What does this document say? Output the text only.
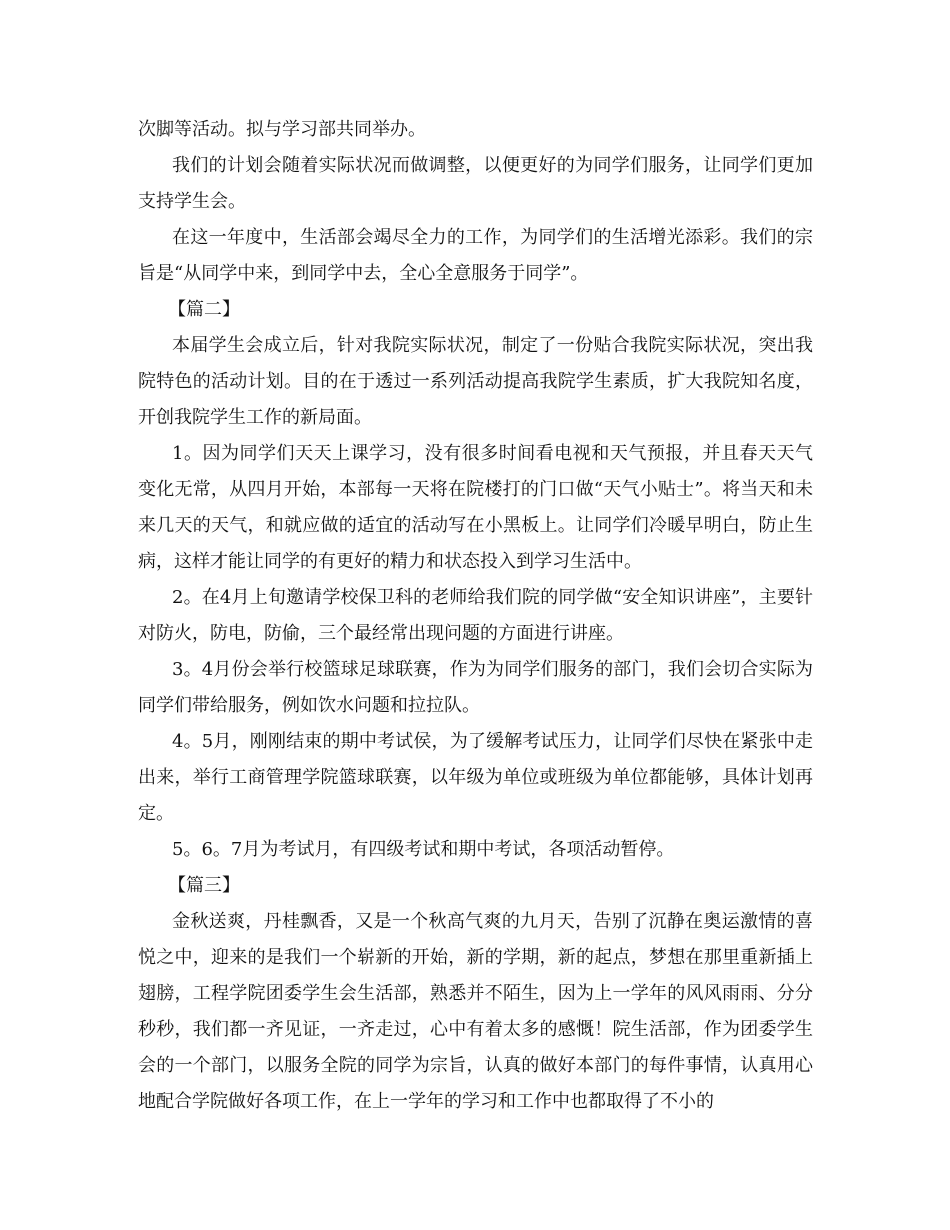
次脚等活动。拟与学习部共同举办。

我们的计划会随着实际状况而做调整，以便更好的为同学们服务，让同学们更加支持学生会。

在这一年度中，生活部会竭尽全力的工作，为同学们的生活增光添彩。我们的宗旨是“从同学中来，到同学中去，全心全意服务于同学”。

【篇二】

本届学生会成立后，针对我院实际状况，制定了一份贴合我院实际状况，突出我院特色的活动计划。目的在于透过一系列活动提高我院学生素质，扩大我院知名度，开创我院学生工作的新局面。

1。因为同学们天天上课学习，没有很多时间看电视和天气预报，并且春天天气变化无常，从四月开始，本部每一天将在院楼打的门口做“天气小贴士”。将当天和未来几天的天气，和就应做的适宜的活动写在小黑板上。让同学们冷暖早明白，防止生病，这样才能让同学的有更好的精力和状态投入到学习生活中。

2。在4月上旬邀请学校保卫科的老师给我们院的同学做“安全知识讲座”，主要针对防火，防电，防偷，三个最经常出现问题的方面进行讲座。

3。4月份会举行校篮球足球联赛，作为为同学们服务的部门，我们会切合实际为同学们带给服务，例如饮水问题和拉拉队。

4。5月，刚刚结束的期中考试侯，为了缓解考试压力，让同学们尽快在紧张中走出来，举行工商管理学院篮球联赛，以年级为单位或班级为单位都能够，具体计划再定。

5。6。7月为考试月，有四级考试和期中考试，各项活动暂停。

【篇三】

金秋送爽，丹桂飘香，又是一个秋高气爽的九月天，告别了沉静在奥运激情的喜悦之中，迎来的是我们一个崭新的开始，新的学期，新的起点，梦想在那里重新插上翅膀，工程学院团委学生会生活部，熟悉并不陌生，因为上一学年的风风雨雨、分分秒秒，我们都一齐见证，一齐走过，心中有着太多的感慨！院生活部，作为团委学生会的一个部门，以服务全院的同学为宗旨，认真的做好本部门的每件事情，认真用心地配合学院做好各项工作，在上一学年的学习和工作中也都取得了不小的
